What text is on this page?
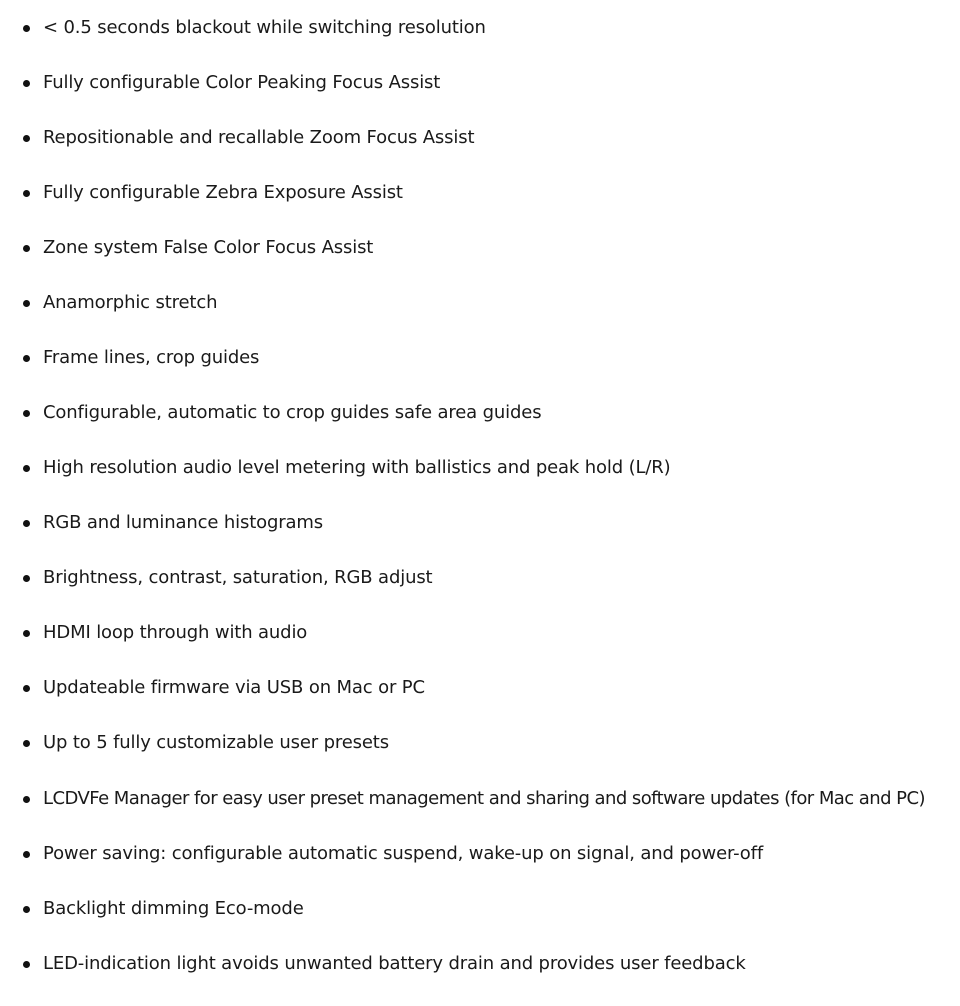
< 0.5 seconds blackout while switching resolution
Fully configurable Color Peaking Focus Assist
Repositionable and recallable Zoom Focus Assist
Fully configurable Zebra Exposure Assist
Zone system False Color Focus Assist
Anamorphic stretch
Frame lines, crop guides
Configurable, automatic to crop guides safe area guides
High resolution audio level metering with ballistics and peak hold (L/R)
RGB and luminance histograms
Brightness, contrast, saturation, RGB adjust
HDMI loop through with audio
Updateable firmware via USB on Mac or PC
Up to 5 fully customizable user presets
LCDVFe Manager for easy user preset management and sharing and software updates (for Mac and PC)
Power saving: configurable automatic suspend, wake-up on signal, and power-off
Backlight dimming Eco-mode
LED-indication light avoids unwanted battery drain and provides user feedback
